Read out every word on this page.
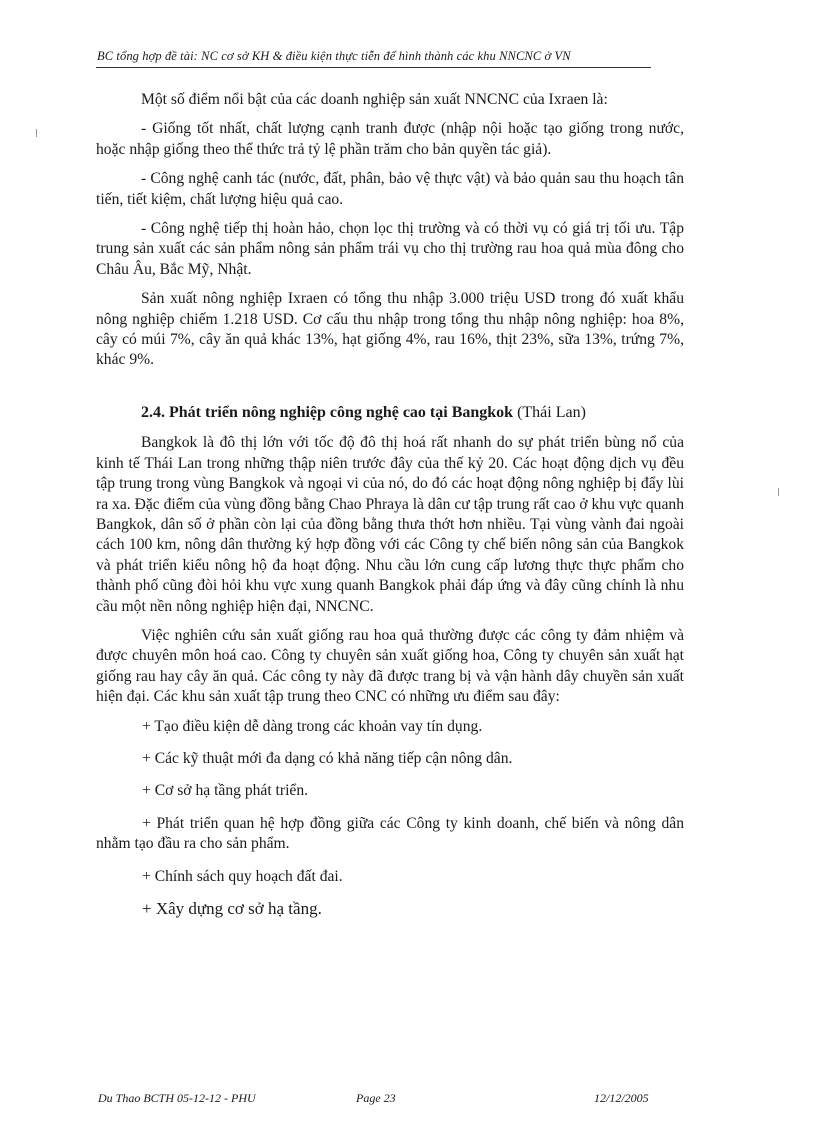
BC tổng hợp đề tài: NC cơ sở KH & điều kiện thực tiễn để hình thành các khu NNCNC ở VN

Một số điểm nổi bật của các doanh nghiệp sản xuất NNCNC của Ixraen là:

- Giống tốt nhất, chất lượng cạnh tranh được (nhập nội hoặc tạo giống trong nước, hoặc nhập giống theo thể thức trả tỷ lệ phần trăm cho bản quyền tác giả).

- Công nghệ canh tác (nước, đất, phân, bảo vệ thực vật) và bảo quản sau thu hoạch tân tiến, tiết kiệm, chất lượng hiệu quả cao.

- Công nghệ tiếp thị hoàn hảo, chọn lọc thị trường và có thời vụ có giá trị tối ưu. Tập trung sản xuất các sản phẩm nông sản phẩm trái vụ cho thị trường rau hoa quả mùa đông cho Châu Âu, Bắc Mỹ, Nhật.

Sản xuất nông nghiệp Ixraen có tổng thu nhập 3.000 triệu USD trong đó xuất khẩu nông nghiệp chiếm 1.218 USD. Cơ cấu thu nhập trong tổng thu nhập nông nghiệp: hoa 8%, cây có múi 7%, cây ăn quả khác 13%, hạt giống 4%, rau 16%, thịt 23%, sữa 13%, trứng 7%, khác 9%.

2.4. Phát triển nông nghiệp công nghệ cao tại Bangkok (Thái Lan)

Bangkok là đô thị lớn với tốc độ đô thị hoá rất nhanh do sự phát triển bùng nổ của kinh tế Thái Lan trong những thập niên trước đây của thế kỷ 20. Các hoạt động dịch vụ đều tập trung trong vùng Bangkok và ngoại vi của nó, do đó các hoạt động nông nghiệp bị đẩy lùi ra xa. Đặc điểm của vùng đồng bằng Chao Phraya là dân cư tập trung rất cao ở khu vực quanh Bangkok, dân số ở phần còn lại của đồng bằng thưa thớt hơn nhiều. Tại vùng vành đai ngoài cách 100 km, nông dân thường ký hợp đồng với các Công ty chế biến nông sản của Bangkok và phát triển kiểu nông hộ đa hoạt động. Nhu cầu lớn cung cấp lương thực thực phẩm cho thành phố cũng đòi hỏi khu vực xung quanh Bangkok phải đáp ứng và đây cũng chính là nhu cầu một nền nông nghiệp hiện đại, NNCNC.

Việc nghiên cứu sản xuất giống rau hoa quả thường được các công ty đảm nhiệm và được chuyên môn hoá cao. Công ty chuyên sản xuất giống hoa, Công ty chuyên sản xuất hạt giống rau hay cây ăn quả. Các công ty này đã được trang bị và vận hành dây chuyền sản xuất hiện đại. Các khu sản xuất tập trung theo CNC có những ưu điểm sau đây:

+ Tạo điều kiện dễ dàng trong các khoản vay tín dụng.

+ Các kỹ thuật mới đa dạng có khả năng tiếp cận nông dân.

+ Cơ sở hạ tầng phát triển.

+ Phát triển quan hệ hợp đồng giữa các Công ty kinh doanh, chế biến và nông dân nhằm tạo đầu ra cho sản phẩm.

+ Chính sách quy hoạch đất đai.

+ Xây dựng cơ sở hạ tầng.

Du Thao BCTH 05-12-12 - PHU	Page 23	12/12/2005
